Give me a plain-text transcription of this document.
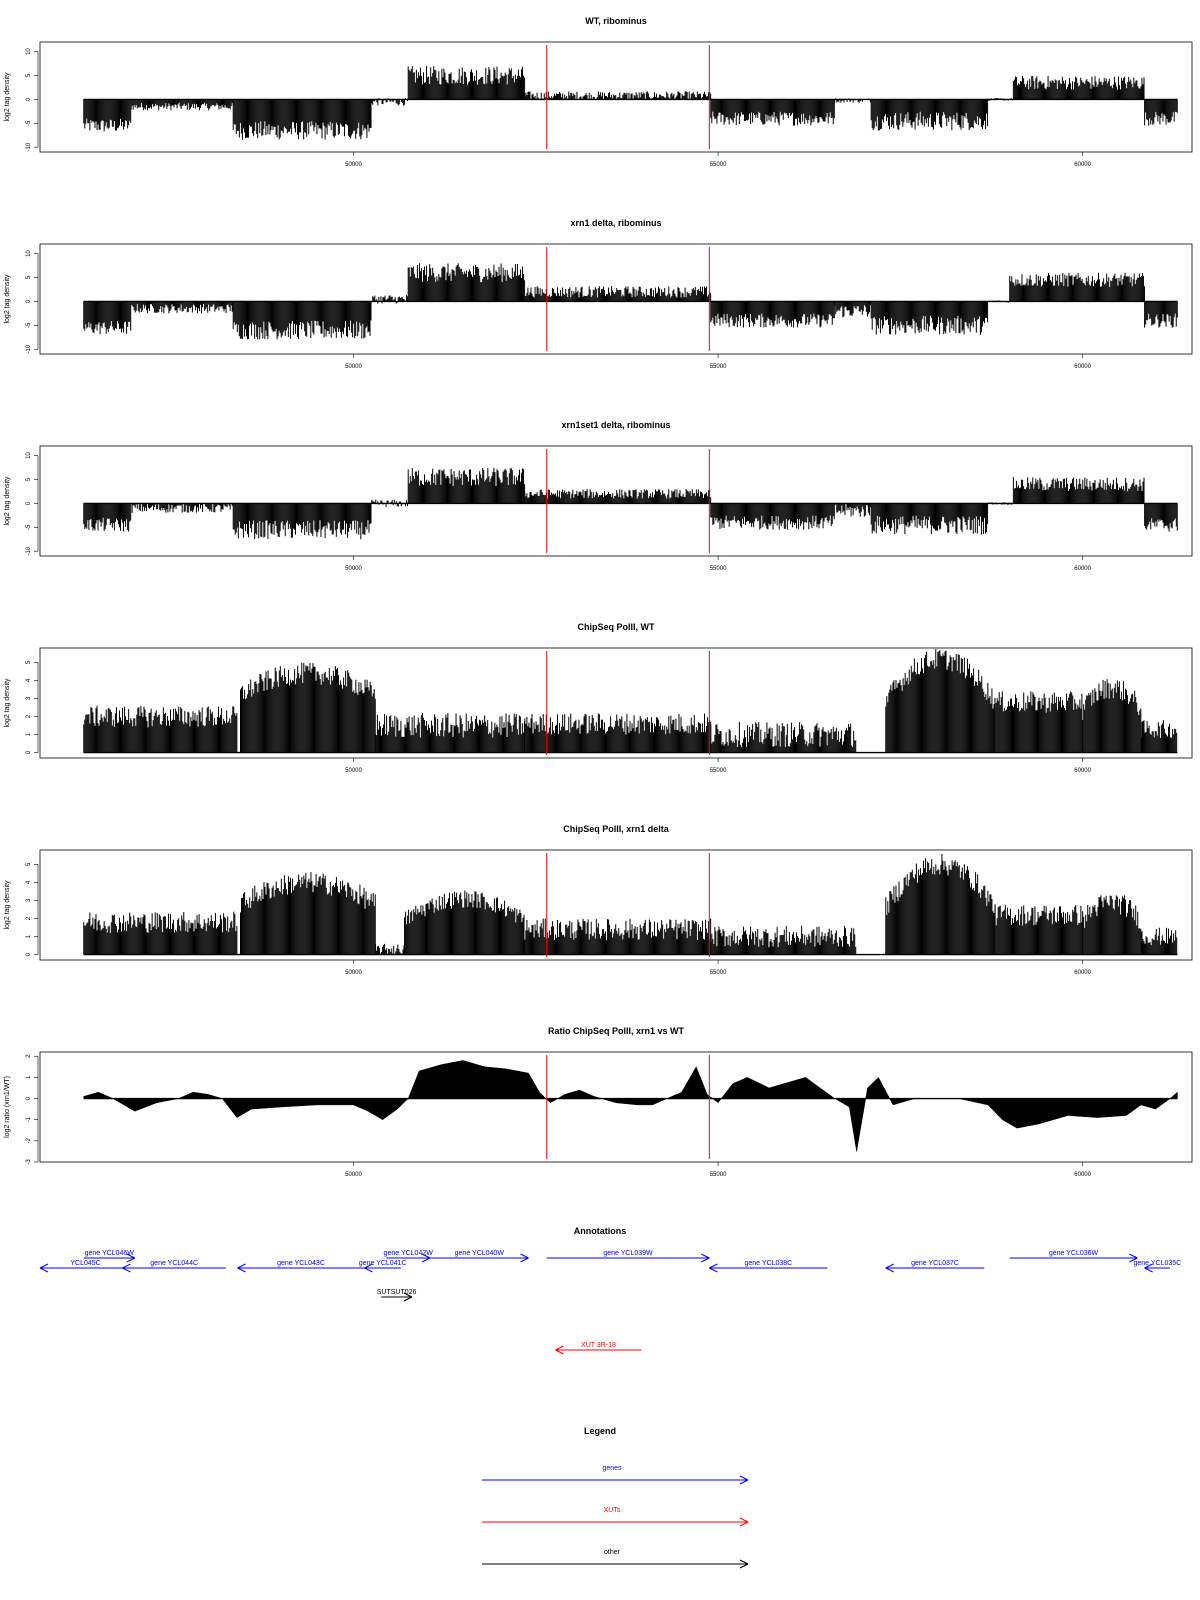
WT, ribominus
log2 tag density
-10
-5
0
5
10
50000	55000	60000
xrn1 delta, ribominus
log2 tag density
-10
-5
0
5
10
50000	55000	60000
xrn1set1 delta, ribominus
log2 tag density
-10
-5
0
5
10
50000	55000	60000
ChipSeq PolII, WT
log2 tag density
0
1
2
3
4
5
50000	55000	60000
ChipSeq PolII, xrn1 delta
log2 tag density
0
1
2
3
4
5
50000	55000	60000
Ratio ChipSeq PolII, xrn1 vs WT
log2 ratio (xrn1/WT)
-3
-2
-1
0
1
2
50000	55000	60000
Annotations
YCL045C
gene YCL046W
gene YCL044C	gene YCL043C
gene YCL042W
gene YCL041C
gene YCL040W	gene YCL039W
gene YCL038C	gene YCL037C
gene YCL036W
gene YCL035C
SUTSUT026
XUT 3R-18
Legend
genes
XUTs
other
